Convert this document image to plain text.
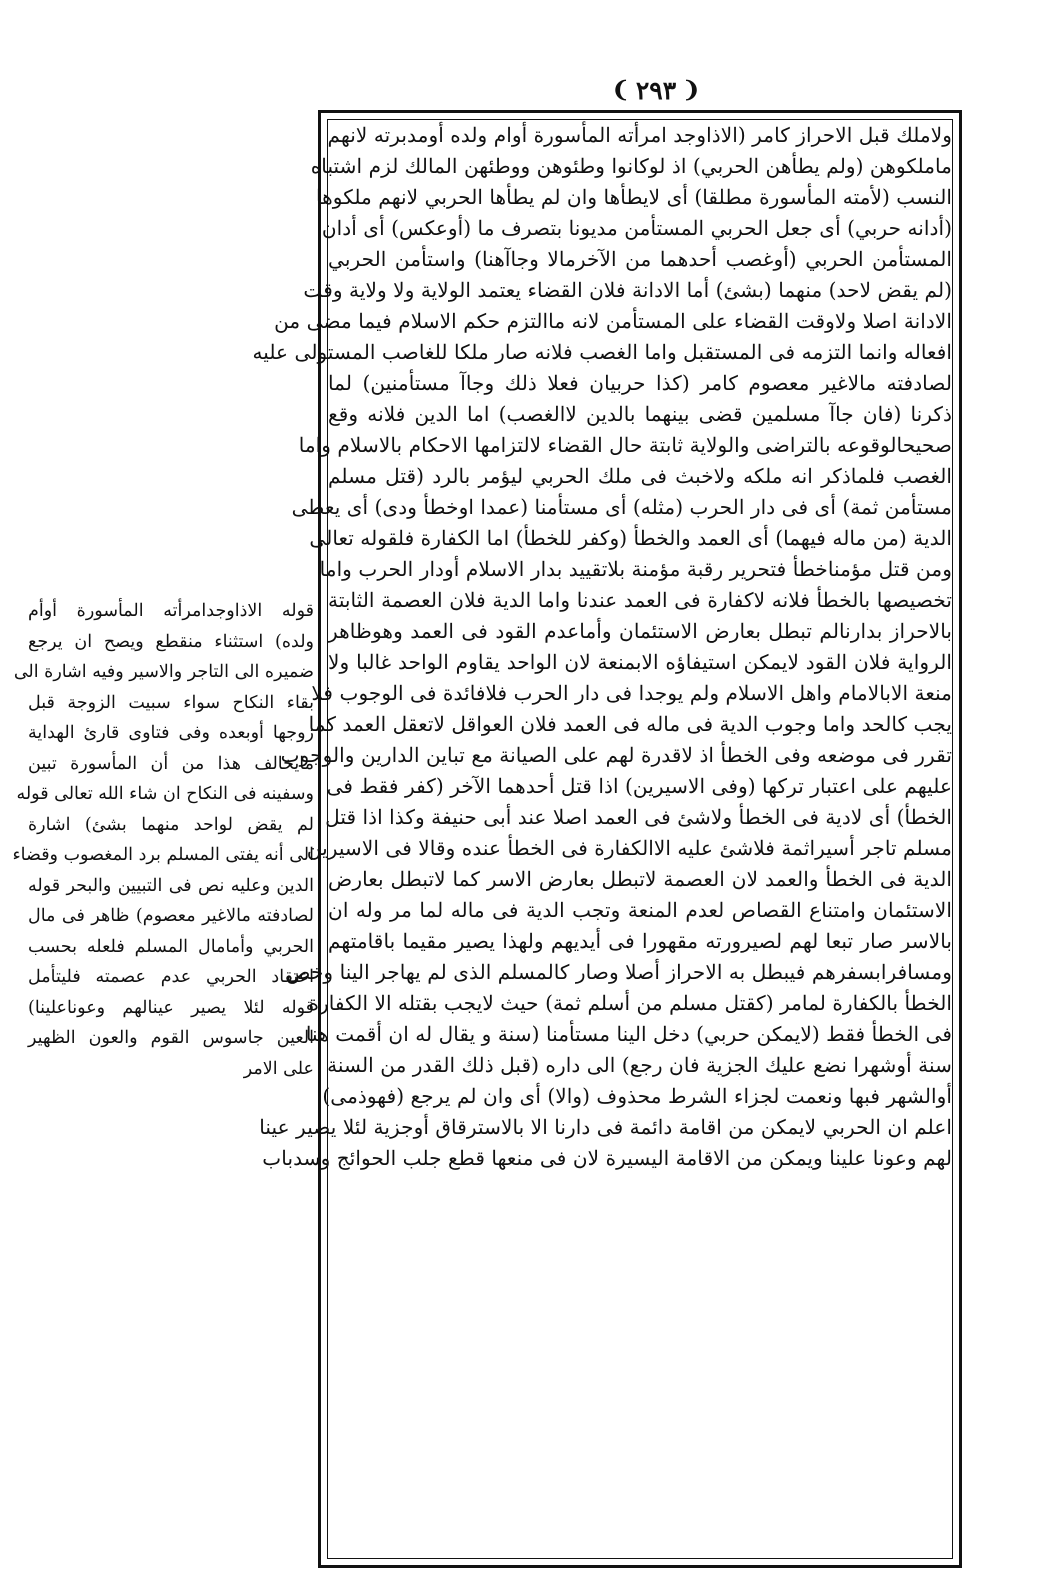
❨
٢٩٣
❩
ولاملك قبل الاحراز كامر (الاذاوجد امرأته المأسورة أوام ولده أومدبرته لانهم
ماملكوهن (ولم يطأهن الحربي) اذ لوكانوا وطئوهن ووطئهن المالك لزم اشتباه
النسب (لأمته المأسورة مطلقا) أى لايطأها وان لم يطأها الحربي لانهم ملكوها
(أدانه حربي) أى جعل الحربي المستأمن مديونا بتصرف ما (أوعكس) أى أدان
المستأمن الحربي (أوغصب أحدهما من الآخرمالا وجاآهنا) واستأمن الحربي
(لم يقض لاحد) منهما (بشئ) أما الادانة فلان القضاء يعتمد الولاية ولا ولاية وقت
الادانة اصلا ولاوقت القضاء على المستأمن لانه ماالتزم حكم الاسلام فيما مضى من
افعاله وانما التزمه فى المستقبل واما الغصب فلانه صار ملكا للغاصب المستولى عليه
لصادفته مالاغير معصوم كامر (كذا حربيان فعلا ذلك وجاآ مستأمنين) لما
ذكرنا (فان جاآ مسلمين قضى بينهما بالدين لاالغصب) اما الدين فلانه وقع
صحيحالوقوعه بالتراضى والولاية ثابتة حال القضاء لالتزامها الاحكام بالاسلام واما
الغصب فلماذكر انه ملكه ولاخبث فى ملك الحربي ليؤمر بالرد (قتل مسلم
مستأمن ثمة) أى فى دار الحرب (مثله) أى مستأمنا (عمدا اوخطأ ودى) أى يعطى
الدية (من ماله فيهما) أى العمد والخطأ (وكفر للخطأ) اما الكفارة فلقوله تعالى
ومن قتل مؤمناخطأ فتحرير رقبة مؤمنة بلاتقييد بدار الاسلام أودار الحرب واما
تخصيصها بالخطأ فلانه لاكفارة فى العمد عندنا واما الدية فلان العصمة الثابتة
بالاحراز بدارنالم تبطل بعارض الاستئمان وأماعدم القود فى العمد وهوظاهر
الرواية فلان القود لايمكن استيفاؤه الابمنعة لان الواحد يقاوم الواحد غالبا ولا
منعة الابالامام واهل الاسلام ولم يوجدا فى دار الحرب فلافائدة فى الوجوب فلا
يجب كالحد واما وجوب الدية فى ماله فى العمد فلان العواقل لاتعقل العمد كما
تقرر فى موضعه وفى الخطأ اذ لاقدرة لهم على الصيانة مع تباين الدارين والوجوب
عليهم على اعتبار تركها (وفى الاسيرين) اذا قتل أحدهما الآخر (كفر فقط فى
الخطأ) أى لادية فى الخطأ ولاشئ فى العمد اصلا عند أبى حنيفة وكذا اذا قتل
مسلم تاجر أسيراثمة فلاشئ عليه الاالكفارة فى الخطأ عنده وقالا فى الاسيرين
الدية فى الخطأ والعمد لان العصمة لاتبطل بعارض الاسر كما لاتبطل بعارض
الاستئمان وامتناع القصاص لعدم المنعة وتجب الدية فى ماله لما مر وله ان
بالاسر صار تبعا لهم لصيرورته مقهورا فى أيديهم ولهذا يصير مقيما باقامتهم
ومسافرابسفرهم فيبطل به الاحراز أصلا وصار كالمسلم الذى لم يهاجر الينا وخص
الخطأ بالكفارة لمامر (كقتل مسلم من أسلم ثمة) حيث لايجب بقتله الا الكفارة
فى الخطأ فقط (لايمكن حربي) دخل الينا مستأمنا (سنة و يقال له ان أقمت هنا
سنة أوشهرا نضع عليك الجزية فان رجع) الى داره (قبل ذلك القدر من السنة
أوالشهر فبها ونعمت لجزاء الشرط محذوف (والا) أى وان لم يرجع (فهوذمى)
اعلم ان الحربي لايمكن من اقامة دائمة فى دارنا الا بالاسترقاق أوجزية لئلا يصير عينا
لهم وعونا علينا ويمكن من الاقامة اليسيرة لان فى منعها قطع جلب الحوائج وسدباب
قوله الاذاوجدامرأته المأسورة أوأم
ولده) استثناء منقطع ويصح ان يرجع
ضميره الى التاجر والاسير وفيه اشارة الى
بقاء النكاح سواء سبيت الزوجة قبل
زوجها أوبعده وفى فتاوى قارئ الهداية
مايخالف هذا من أن المأسورة تبين
وسفينه فى النكاح ان شاء الله تعالى قوله
لم يقض لواحد منهما بشئ) اشارة
الى أنه يفتى المسلم برد المغصوب وقضاء
الدين وعليه نص فى التبيين والبحر قوله
لصادفته مالاغير معصوم) ظاهر فى مال
الحربي وأمامال المسلم فلعله بحسب
اعتقاد الحربي عدم عصمته فليتأمل
قوله لئلا يصير عينالهم وعوناعلينا)
العين جاسوس القوم والعون الظهير
على الامر
